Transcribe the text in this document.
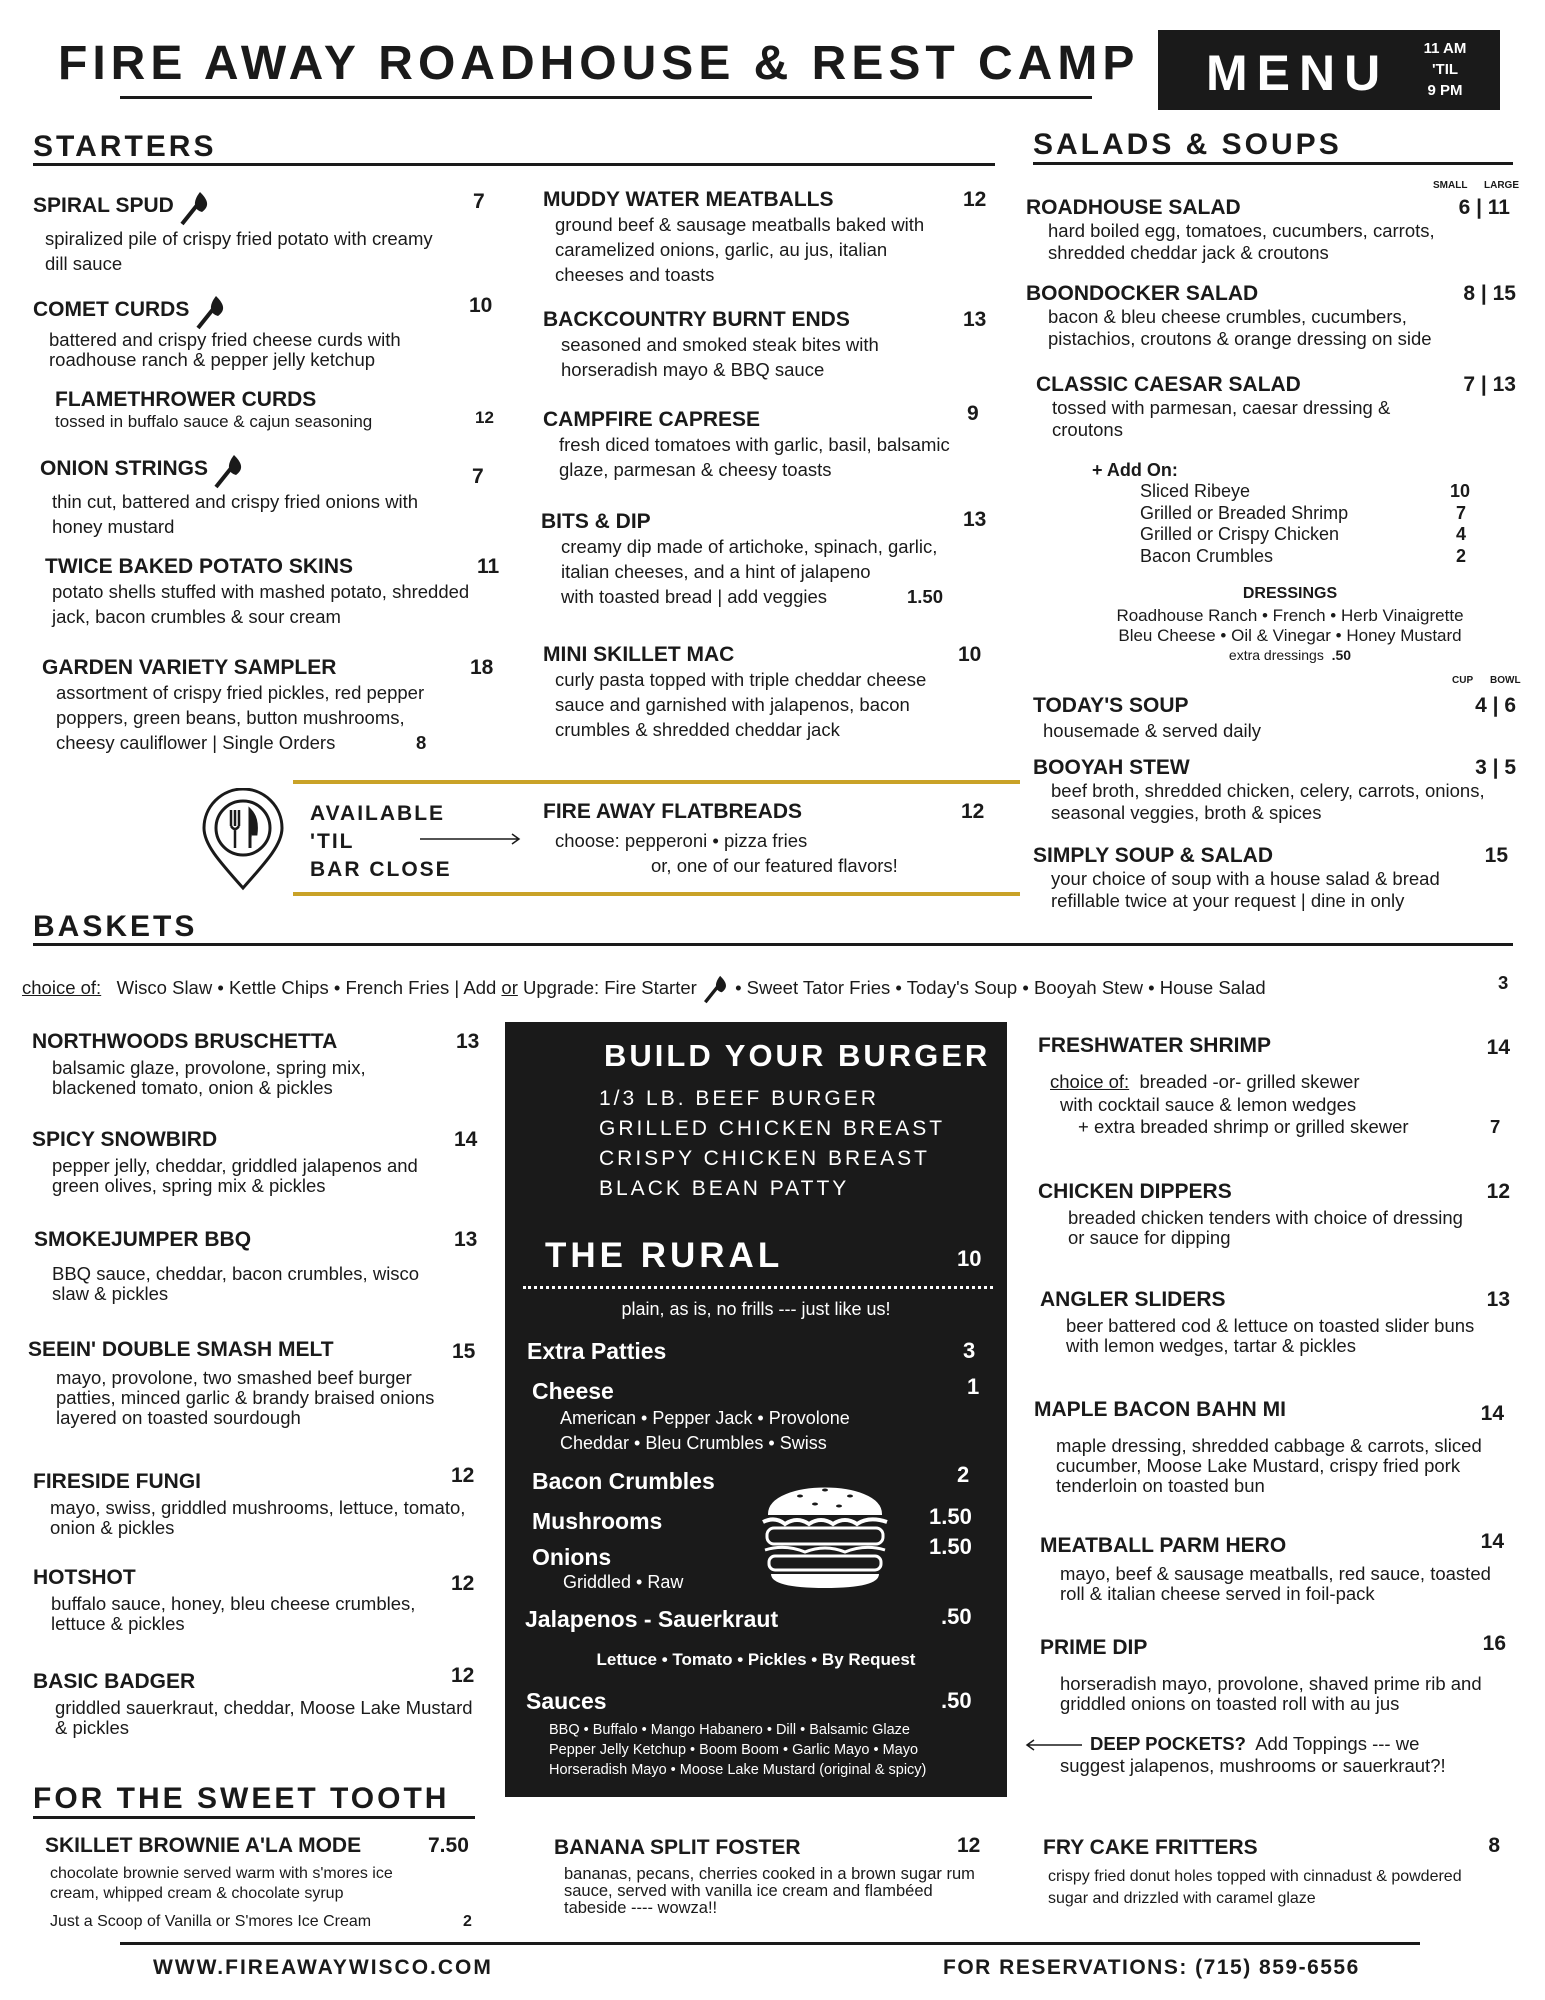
FIRE AWAY ROADHOUSE & REST CAMP MENU	11 AM
'TIL
9 PM
STARTERS
SPIRAL SPUD	7
spiralized pile of crispy fried potato with creamy dill sauce
COMET CURDS	10
battered and crispy fried cheese curds with roadhouse ranch & pepper jelly ketchup
FLAMETHROWER CURDS
12
tossed in buffalo sauce & cajun seasoning
ONION STRINGS	7
thin cut, battered and crispy fried onions with honey mustard
TWICE BAKED POTATO SKINS	11
potato shells stuffed with mashed potato, shredded jack, bacon crumbles & sour cream
GARDEN VARIETY SAMPLER	18
assortment of crispy fried pickles, red pepper poppers, green beans, button mushrooms,
cheesy cauliflower | Single Orders	8
MUDDY WATER MEATBALLS	12
ground beef & sausage meatballs baked with caramelized onions, garlic, au jus, italian cheeses and toasts
BACKCOUNTRY BURNT ENDS	13
seasoned and smoked steak bites with horseradish mayo & BBQ sauce
CAMPFIRE CAPRESE	9
fresh diced tomatoes with garlic, basil, balsamic glaze, parmesan & cheesy toasts
BITS & DIP	13
creamy dip made of artichoke, spinach, garlic, italian cheeses, and a hint of jalapeno
with toasted bread | add veggies	1.50
MINI SKILLET MAC	10
curly pasta topped with triple cheddar cheese sauce and garnished with jalapenos, bacon crumbles & shredded cheddar jack
AVAILABLE
'TIL
BAR CLOSE
FIRE AWAY FLATBREADS	12
choose: pepperoni • pizza fries
or, one of our featured flavors!
SALADS & SOUPS
SMALL LARGE
ROADHOUSE SALAD	6 | 11
hard boiled egg, tomatoes, cucumbers, carrots, shredded cheddar jack & croutons
BOONDOCKER SALAD	8 | 15
bacon & bleu cheese crumbles, cucumbers, pistachios, croutons & orange dressing on side
CLASSIC CAESAR SALAD	7 | 13
tossed with parmesan, caesar dressing & croutons
+ Add On:
Sliced Ribeye	10
Grilled or Breaded Shrimp	7
Grilled or Crispy Chicken	4
Bacon Crumbles	2
DRESSINGS
Roadhouse Ranch • French • Herb Vinaigrette
Bleu Cheese • Oil & Vinegar • Honey Mustard
extra dressings .50
CUP BOWL
TODAY'S SOUP	4 | 6
housemade & served daily
BOOYAH STEW	3 | 5
beef broth, shredded chicken, celery, carrots, onions, seasonal veggies, broth & spices
SIMPLY SOUP & SALAD	15
your choice of soup with a house salad & bread refillable twice at your request | dine in only
BASKETS
choice of: Wisco Slaw • Kettle Chips • French Fries | Add or Upgrade: Fire Starter • Sweet Tator Fries • Today's Soup • Booyah Stew • House Salad	3
NORTHWOODS BRUSCHETTA	13
balsamic glaze, provolone, spring mix, blackened tomato, onion & pickles
SPICY SNOWBIRD	14
pepper jelly, cheddar, griddled jalapenos and green olives, spring mix & pickles
SMOKEJUMPER BBQ	13
BBQ sauce, cheddar, bacon crumbles, wisco slaw & pickles
SEEIN' DOUBLE SMASH MELT	15
mayo, provolone, two smashed beef burger patties, minced garlic & brandy braised onions layered on toasted sourdough
FIRESIDE FUNGI	12
mayo, swiss, griddled mushrooms, lettuce, tomato, onion & pickles
HOTSHOT	12
buffalo sauce, honey, bleu cheese crumbles, lettuce & pickles
BASIC BADGER	12
griddled sauerkraut, cheddar, Moose Lake Mustard & pickles
BUILD YOUR BURGER
1/3 LB. BEEF BURGER
GRILLED CHICKEN BREAST
CRISPY CHICKEN BREAST
BLACK BEAN PATTY
THE RURAL	10
plain, as is, no frills --- just like us!
Extra Patties	3
Cheese	1
American • Pepper Jack • Provolone
Cheddar • Bleu Crumbles • Swiss
Bacon Crumbles	2
Mushrooms	1.50
Onions	1.50
Griddled • Raw
Jalapenos - Sauerkraut	.50
Lettuce • Tomato • Pickles • By Request
Sauces	.50
BBQ • Buffalo • Mango Habanero • Dill • Balsamic Glaze
Pepper Jelly Ketchup • Boom Boom • Garlic Mayo • Mayo
Horseradish Mayo • Moose Lake Mustard (original & spicy)
FRESHWATER SHRIMP	14
choice of: breaded -or- grilled skewer
with cocktail sauce & lemon wedges
+ extra breaded shrimp or grilled skewer	7
CHICKEN DIPPERS	12
breaded chicken tenders with choice of dressing or sauce for dipping
ANGLER SLIDERS	13
beer battered cod & lettuce on toasted slider buns with lemon wedges, tartar & pickles
MAPLE BACON BAHN MI	14
maple dressing, shredded cabbage & carrots, sliced cucumber, Moose Lake Mustard, crispy fried pork tenderloin on toasted bun
MEATBALL PARM HERO	14
mayo, beef & sausage meatballs, red sauce, toasted roll & italian cheese served in foil-pack
PRIME DIP	16
horseradish mayo, provolone, shaved prime rib and griddled onions on toasted roll with au jus
DEEP POCKETS? Add Toppings --- we
suggest jalapenos, mushrooms or sauerkraut?!
FOR THE SWEET TOOTH
SKILLET BROWNIE A'LA MODE	7.50
chocolate brownie served warm with s'mores ice cream, whipped cream & chocolate syrup
Just a Scoop of Vanilla or S'mores Ice Cream	2
BANANA SPLIT FOSTER	12
bananas, pecans, cherries cooked in a brown sugar rum sauce, served with vanilla ice cream and flambéed tabeside ---- wowza!!
FRY CAKE FRITTERS	8
crispy fried donut holes topped with cinnadust & powdered sugar and drizzled with caramel glaze
WWW.FIREAWAYWISCO.COM	FOR RESERVATIONS: (715) 859-6556
